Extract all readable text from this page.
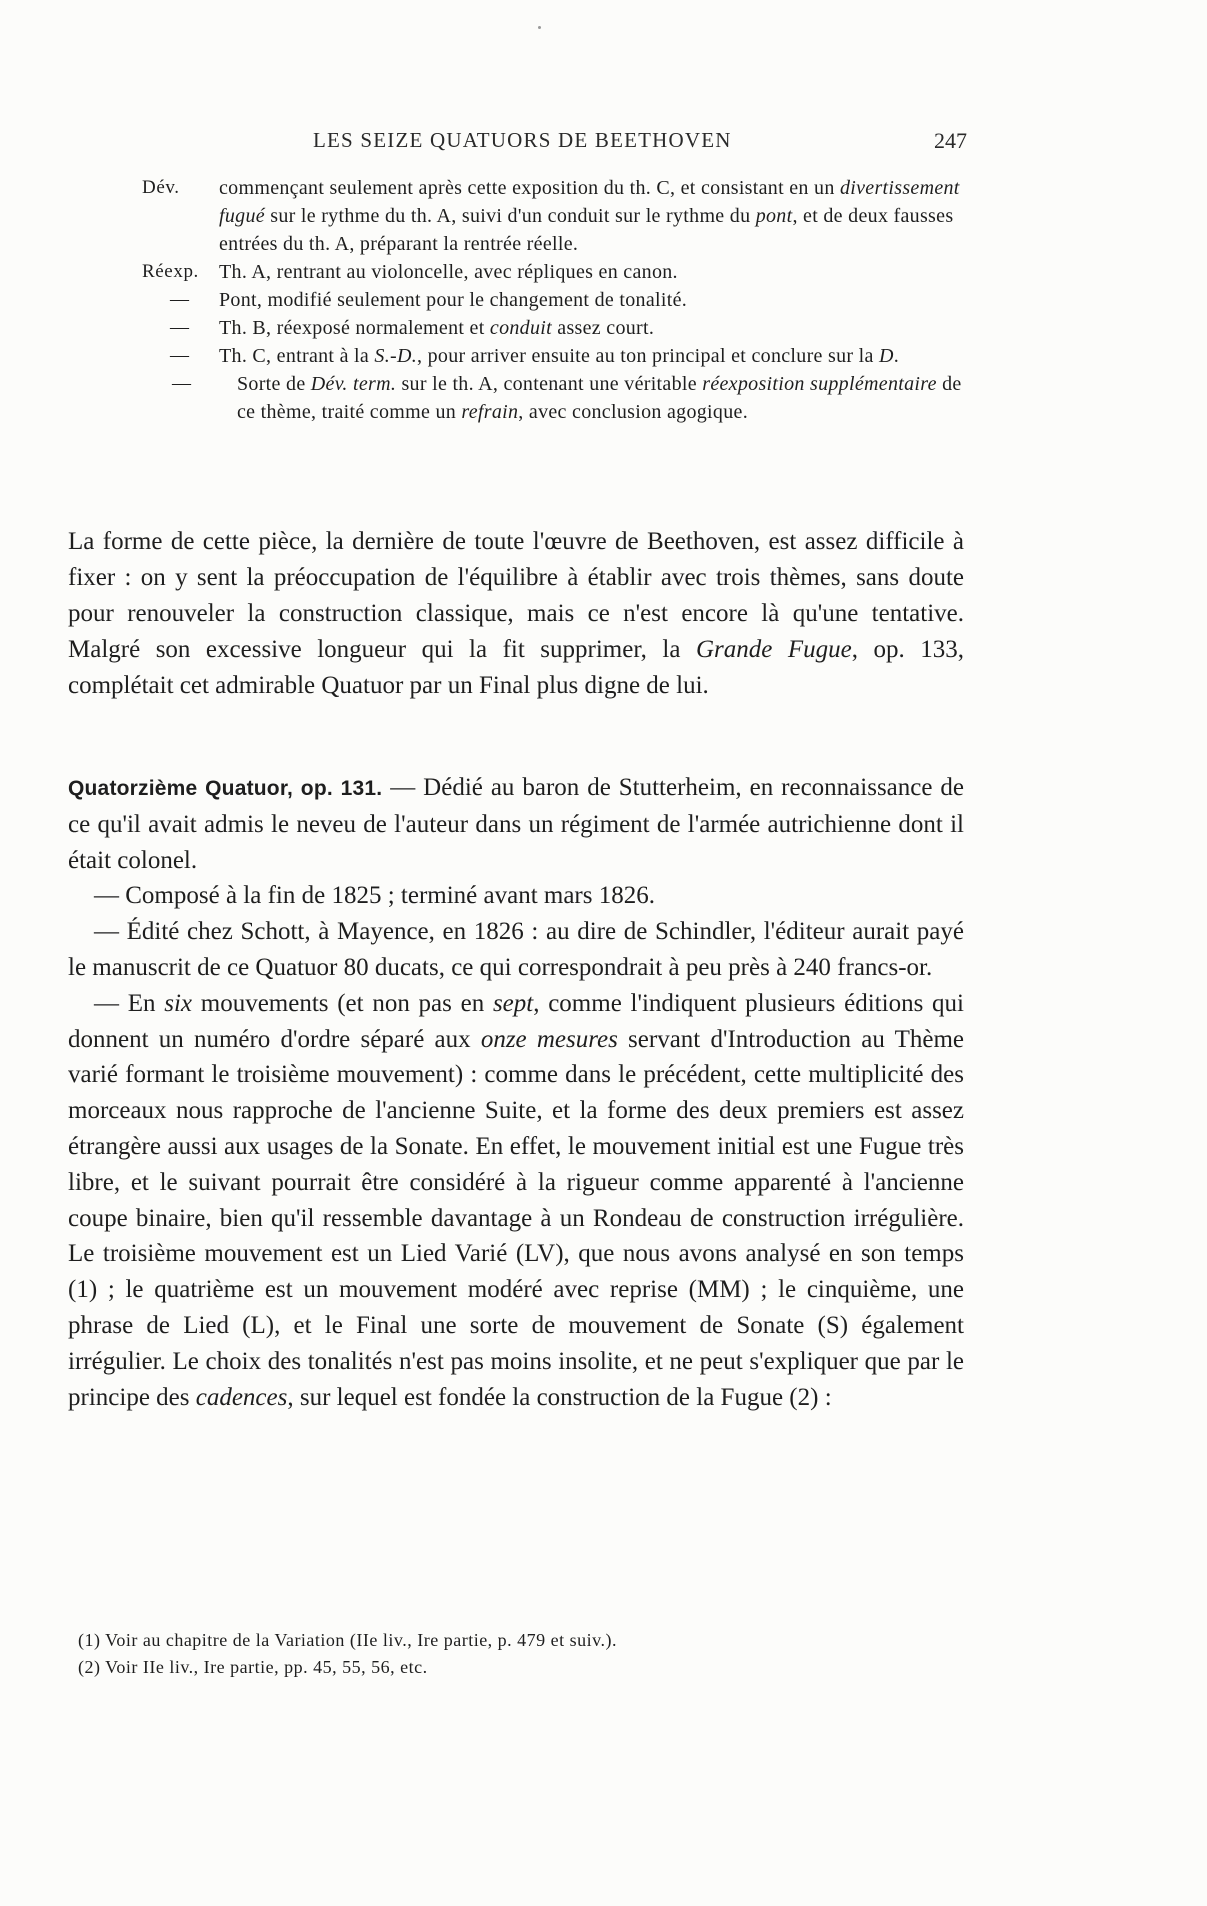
LES SEIZE QUATUORS DE BEETHOVEN	247
Dév. commençant seulement après cette exposition du th. C, et consistant en un divertissement fugué sur le rythme du th. A, suivi d'un conduit sur le rythme du pont, et de deux fausses entrées du th. A, préparant la rentrée réelle.
Réexp. Th. A, rentrant au violoncelle, avec répliques en canon.
— Pont, modifié seulement pour le changement de tonalité.
— Th. B, réexposé normalement et conduit assez court.
— Th. C, entrant à la S.-D., pour arriver ensuite au ton principal et conclure sur la D.
— Sorte de Dév. term. sur le th. A, contenant une véritable réexposition supplémentaire de ce thème, traité comme un refrain, avec conclusion agogique.
La forme de cette pièce, la dernière de toute l'œuvre de Beethoven, est assez difficile à fixer : on y sent la préoccupation de l'équilibre à établir avec trois thèmes, sans doute pour renouveler la construction classique, mais ce n'est encore là qu'une tentative. Malgré son excessive longueur qui la fit supprimer, la Grande Fugue, op. 133, complétait cet admirable Quatuor par un Final plus digne de lui.

Quatorzième Quatuor, op. 131. — Dédié au baron de Stutterheim, en reconnaissance de ce qu'il avait admis le neveu de l'auteur dans un régiment de l'armée autrichienne dont il était colonel.

— Composé à la fin de 1825 ; terminé avant mars 1826.

— Édité chez Schott, à Mayence, en 1826 : au dire de Schindler, l'éditeur aurait payé le manuscrit de ce Quatuor 80 ducats, ce qui correspondrait à peu près à 240 francs-or.

— En six mouvements (et non pas en sept, comme l'indiquent plusieurs éditions qui donnent un numéro d'ordre séparé aux onze mesures servant d'Introduction au Thème varié formant le troisième mouvement) : comme dans le précédent, cette multiplicité des morceaux nous rapproche de l'ancienne Suite, et la forme des deux premiers est assez étrangère aussi aux usages de la Sonate. En effet, le mouvement initial est une Fugue très libre, et le suivant pourrait être considéré à la rigueur comme apparenté à l'ancienne coupe binaire, bien qu'il ressemble davantage à un Rondeau de construction irrégulière. Le troisième mouvement est un Lied Varié (LV), que nous avons analysé en son temps (1) ; le quatrième est un mouvement modéré avec reprise (MM) ; le cinquième, une phrase de Lied (L), et le Final une sorte de mouvement de Sonate (S) également irrégulier. Le choix des tonalités n'est pas moins insolite, et ne peut s'expliquer que par le principe des cadences, sur lequel est fondée la construction de la Fugue (2) :

(1) Voir au chapitre de la Variation (IIe liv., Ire partie, p. 479 et suiv.).
(2) Voir IIe liv., Ire partie, pp. 45, 55, 56, etc.
